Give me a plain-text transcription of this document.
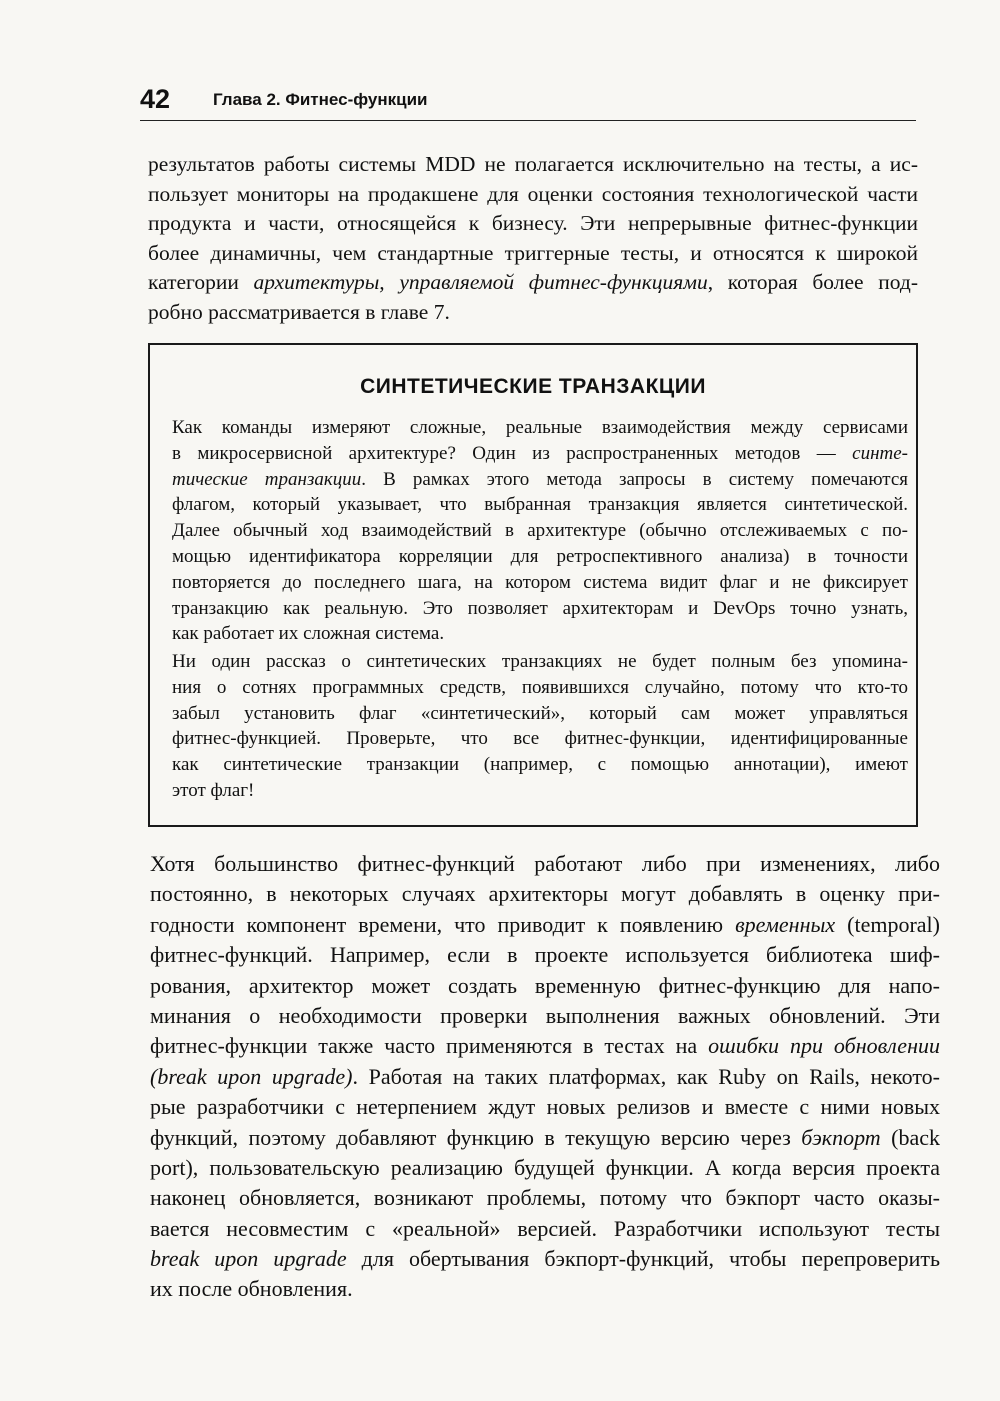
42	Глава 2. Фитнес-функции
результатов работы системы MDD не полагается исключительно на тесты, а ис-
пользует мониторы на продакшене для оценки состояния технологической части
продукта и части, относящейся к бизнесу. Эти непрерывные фитнес-функции
более динамичны, чем стандартные триггерные тесты, и относятся к широкой
категории архитектуры, управляемой фитнес-функциями, которая более под-
робно рассматривается в главе 7.
СИНТЕТИЧЕСКИЕ ТРАНЗАКЦИИ
Как команды измеряют сложные, реальные взаимодействия между сервисами
в микросервисной архитектуре? Один из распространенных методов — синте-
тические транзакции. В рамках этого метода запросы в систему помечаются
флагом, который указывает, что выбранная транзакция является синтетической.
Далее обычный ход взаимодействий в архитектуре (обычно отслеживаемых с по-
мощью идентификатора корреляции для ретроспективного анализа) в точности
повторяется до последнего шага, на котором система видит флаг и не фиксирует
транзакцию как реальную. Это позволяет архитекторам и DevOps точно узнать,
как работает их сложная система.
Ни один рассказ о синтетических транзакциях не будет полным без упомина-
ния о сотнях программных средств, появившихся случайно, потому что кто-то
забыл установить флаг «синтетический», который сам может управляться
фитнес-функцией. Проверьте, что все фитнес-функции, идентифицированные
как синтетические транзакции (например, с помощью аннотации), имеют
этот флаг!
Хотя большинство фитнес-функций работают либо при изменениях, либо
постоянно, в некоторых случаях архитекторы могут добавлять в оценку при-
годности компонент времени, что приводит к появлению временных (temporal)
фитнес-функций. Например, если в проекте используется библиотека шиф-
рования, архитектор может создать временную фитнес-функцию для напо-
минания о необходимости проверки выполнения важных обновлений. Эти
фитнес-функции также часто применяются в тестах на ошибки при обновлении
(break upon upgrade). Работая на таких платформах, как Ruby on Rails, некото-
рые разработчики с нетерпением ждут новых релизов и вместе с ними новых
функций, поэтому добавляют функцию в текущую версию через бэкпорт (back
port), пользовательскую реализацию будущей функции. А когда версия проекта
наконец обновляется, возникают проблемы, потому что бэкпорт часто оказы-
вается несовместим с «реальной» версией. Разработчики используют тесты
break upon upgrade для обертывания бэкпорт-функций, чтобы перепроверить
их после обновления.
